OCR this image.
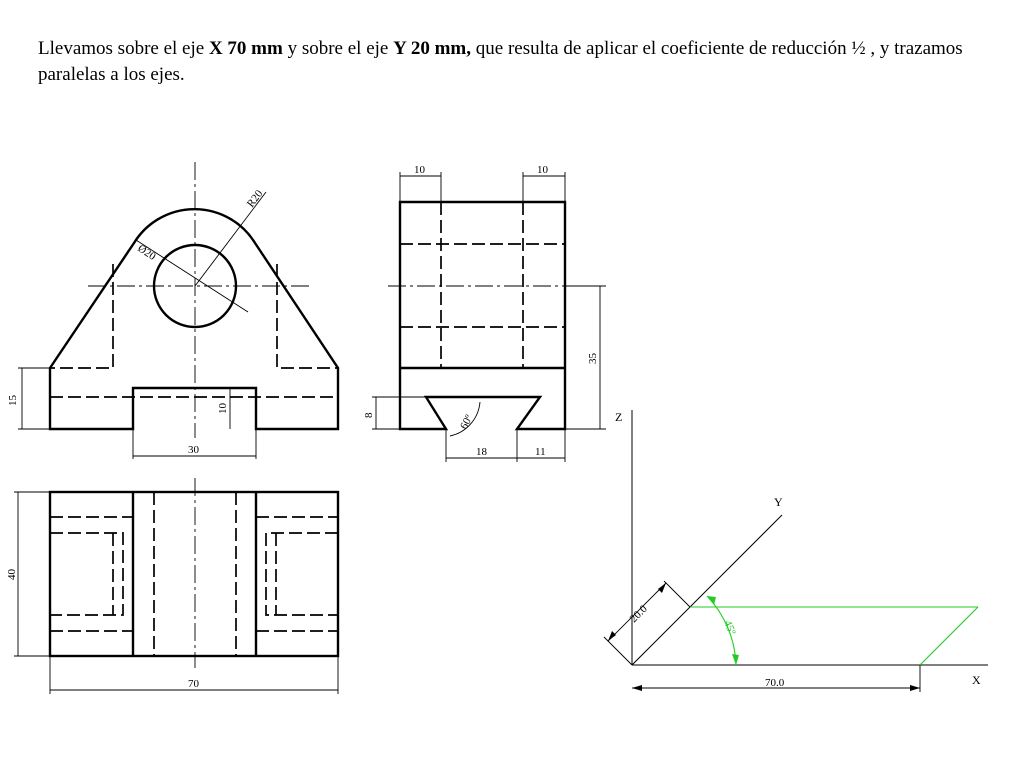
Llevamos sobre el eje X 70 mm y sobre el eje Y 20 mm, que resulta de aplicar el coeficiente de reducción ½ , y trazamos paralelas a los ejes.
R20
Ø20
15
10
30
10	10
35
8	60º
18	11
40
70
Z
X
Y
45º
70.0
20.0
